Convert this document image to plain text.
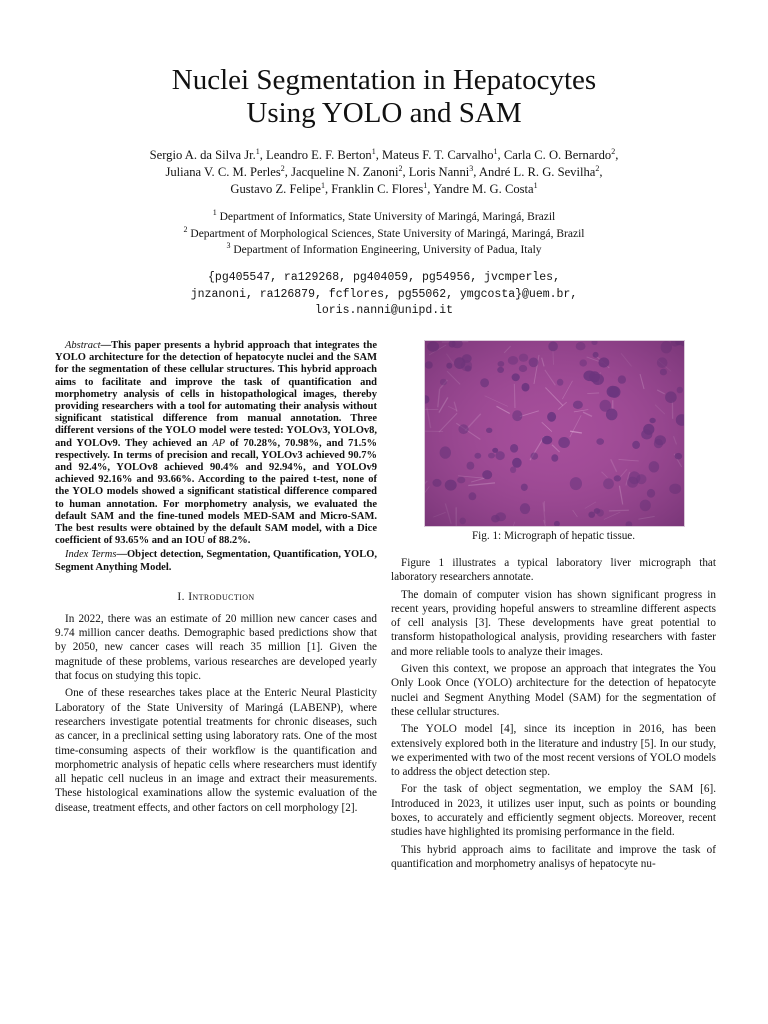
Nuclei Segmentation in Hepatocytes
Using YOLO and SAM
Sergio A. da Silva Jr.$^1$, Leandro E. F. Berton$^1$, Mateus F. T. Carvalho$^1$, Carla C. O. Bernardo$^2$,
Juliana V. C. M. Perles$^2$, Jacqueline N. Zanoni$^2$, Loris Nanni$^3$, André L. R. G. Sevilha$^2$,
Gustavo Z. Felipe$^1$, Franklin C. Flores$^1$, Yandre M. G. Costa$^1$
$^1$ Department of Informatics, State University of Maringá, Maringá, Brazil
$^2$ Department of Morphological Sciences, State University of Maringá, Maringá, Brazil
$^3$ Department of Information Engineering, University of Padua, Italy
{pg405547, ra129268, pg404059, pg54956, jvcmperles,
jnzanoni, ra126879, fcflores, pg55062, ymgcosta}@uem.br,
loris.nanni@unipd.it

Abstract—This paper presents a hybrid approach that integrates the YOLO architecture for the detection of hepatocyte nuclei and the SAM for the segmentation of these cellular structures. This hybrid approach aims to facilitate and improve the task of quantification and morphometry analysis of cells in histopathological images, thereby providing researchers with a tool for automating their analysis without significant statistical difference from manual annotation. Three different versions of the YOLO model were tested: YOLOv3, YOLOv8, and YOLOv9. They achieved an AP of 70.28%, 70.98%, and 71.5% respectively. In terms of precision and recall, YOLOv3 achieved 90.7% and 92.4%, YOLOv8 achieved 90.4% and 92.94%, and YOLOv9 achieved 92.16% and 93.66%. According to the paired t-test, none of the YOLO models showed a significant statistical difference compared to human annotation. For morphometry analysis, we evaluated the default SAM and the fine-tuned models MED-SAM and Micro-SAM. The best results were obtained by the default SAM model, with a Dice coefficient of 93.65% and an IOU of 88.2%.

Index Terms—Object detection, Segmentation, Quantification, YOLO, Segment Anything Model.

I. Introduction

In 2022, there was an estimate of 20 million new cancer cases and 9.74 million cancer deaths. Demographic based predictions show that by 2050, new cancer cases will reach 35 million [1]. Given the magnitude of these problems, various researches are developed yearly that focus on studying this topic.

One of these researches takes place at the Enteric Neural Plasticity Laboratory of the State University of Maringá (LABENP), where researchers investigate potential treatments for chronic diseases, such as cancer, in a preclinical setting using laboratory rats. One of the most time-consuming aspects of their workflow is the quantification and morphometric analysis of hepatic cells where researchers must identify all hepatic cell nucleus in an image and extract their measurements. These histological examinations allow the systemic evaluation of the disease, treatment effects, and other factors on cell morphology [2].

Fig. 1: Micrograph of hepatic tissue.

Figure 1 illustrates a typical laboratory liver micrograph that laboratory researchers annotate.

The domain of computer vision has shown significant progress in recent years, providing hopeful answers to streamline different aspects of cell analysis [3]. These developments have great potential to transform histopathological analysis, providing researchers with faster and more reliable tools to analyze their images.

Given this context, we propose an approach that integrates the You Only Look Once (YOLO) architecture for the detection of hepatocyte nuclei and Segment Anything Model (SAM) for the segmentation of these cellular structures.

The YOLO model [4], since its inception in 2016, has been extensively explored both in the literature and industry [5]. In our study, we experimented with two of the most recent versions of YOLO models to address the object detection step.

For the task of object segmentation, we employ the SAM [6]. Introduced in 2023, it utilizes user input, such as points or bounding boxes, to accurately and efficiently segment objects. Moreover, recent studies have highlighted its promising performance in the field.

This hybrid approach aims to facilitate and improve the task of quantification and morphometry analisys of hepatocyte nu-
